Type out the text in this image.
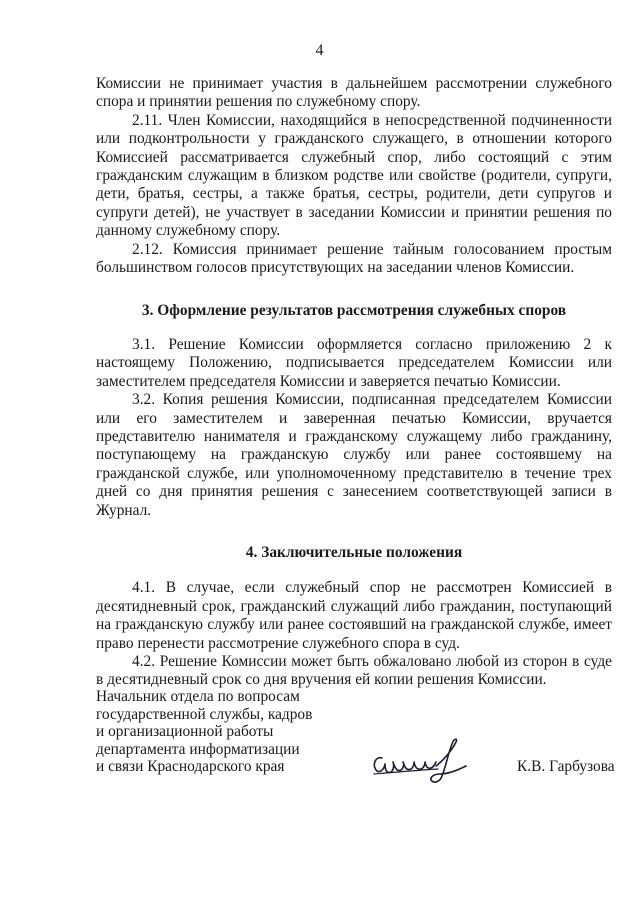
4

Комиссии не принимает участия в дальнейшем рассмотрении служебного спора и принятии решения по служебному спору.

2.11. Член Комиссии, находящийся в непосредственной подчиненности или подконтрольности у гражданского служащего, в отношении которого Комиссией рассматривается служебный спор, либо состоящий с этим гражданским служащим в близком родстве или свойстве (родители, супруги, дети, братья, сестры, а также братья, сестры, родители, дети супругов и супруги детей), не участвует в заседании Комиссии и принятии решения по данному служебному спору.

2.12. Комиссия принимает решение тайным голосованием простым большинством голосов присутствующих на заседании членов Комиссии.

3. Оформление результатов рассмотрения служебных споров

3.1. Решение Комиссии оформляется согласно приложению 2 к настоящему Положению, подписывается председателем Комиссии или заместителем председателя Комиссии и заверяется печатью Комиссии.

3.2. Копия решения Комиссии, подписанная председателем Комиссии или его заместителем и заверенная печатью Комиссии, вручается представителю нанимателя и гражданскому служащему либо гражданину, поступающему на гражданскую службу или ранее состоявшему на гражданской службе, или уполномоченному представителю в течение трех дней со дня принятия решения с занесением соответствующей записи в Журнал.

4. Заключительные положения

4.1. В случае, если служебный спор не рассмотрен Комиссией в десятидневный срок, гражданский служащий либо гражданин, поступающий на гражданскую службу или ранее состоявший на гражданской службе, имеет право перенести рассмотрение служебного спора в суд.

4.2. Решение Комиссии может быть обжаловано любой из сторон в суде в десятидневный срок со дня вручения ей копии решения Комиссии.

Начальник отдела по вопросам
государственной службы, кадров
и организационной работы
департамента информатизации
и связи Краснодарского края	К.В. Гарбузова
